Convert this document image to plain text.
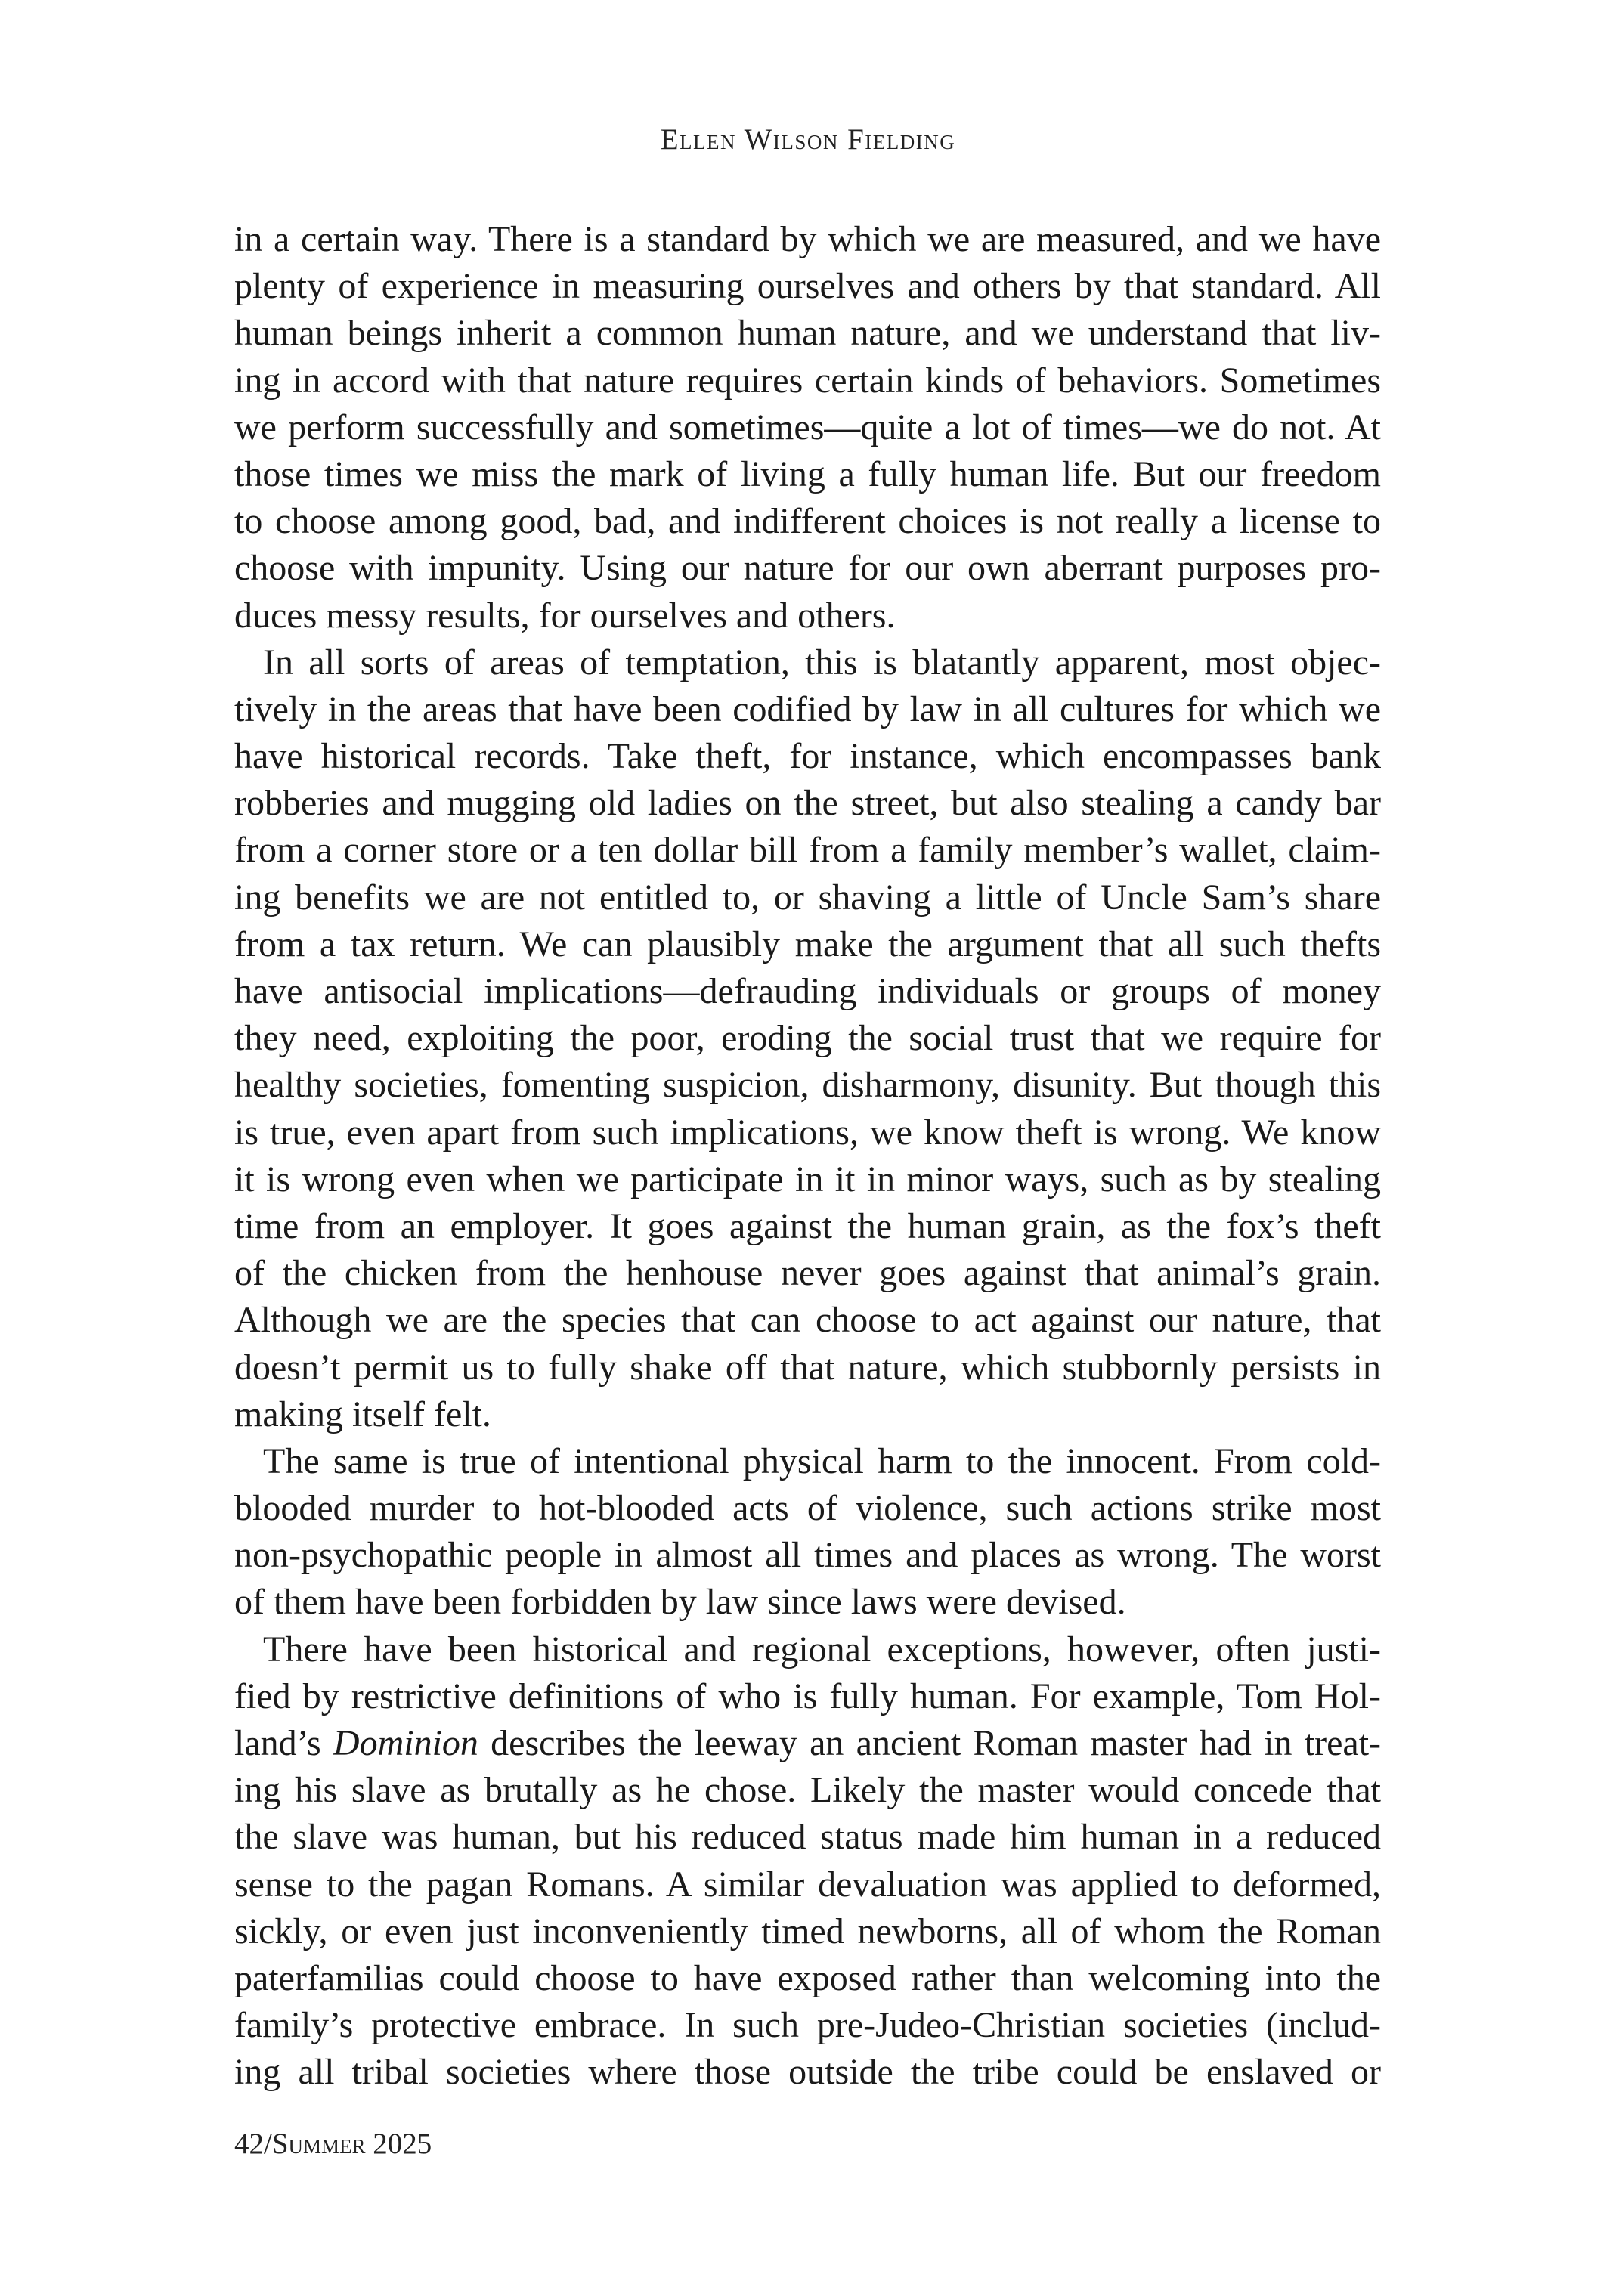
Ellen Wilson Fielding
in a certain way. There is a standard by which we are measured, and we have
plenty of experience in measuring ourselves and others by that standard. All
human beings inherit a common human nature, and we understand that liv-
ing in accord with that nature requires certain kinds of behaviors. Sometimes
we perform successfully and sometimes—quite a lot of times—we do not. At
those times we miss the mark of living a fully human life. But our freedom
to choose among good, bad, and indifferent choices is not really a license to
choose with impunity. Using our nature for our own aberrant purposes pro-
duces messy results, for ourselves and others.
In all sorts of areas of temptation, this is blatantly apparent, most objec-
tively in the areas that have been codified by law in all cultures for which we
have historical records. Take theft, for instance, which encompasses bank
robberies and mugging old ladies on the street, but also stealing a candy bar
from a corner store or a ten dollar bill from a family member’s wallet, claim-
ing benefits we are not entitled to, or shaving a little of Uncle Sam’s share
from a tax return. We can plausibly make the argument that all such thefts
have antisocial implications—defrauding individuals or groups of money
they need, exploiting the poor, eroding the social trust that we require for
healthy societies, fomenting suspicion, disharmony, disunity. But though this
is true, even apart from such implications, we know theft is wrong. We know
it is wrong even when we participate in it in minor ways, such as by stealing
time from an employer. It goes against the human grain, as the fox’s theft
of the chicken from the henhouse never goes against that animal’s grain.
Although we are the species that can choose to act against our nature, that
doesn’t permit us to fully shake off that nature, which stubbornly persists in
making itself felt.
The same is true of intentional physical harm to the innocent. From cold-
blooded murder to hot-blooded acts of violence, such actions strike most
non-psychopathic people in almost all times and places as wrong. The worst
of them have been forbidden by law since laws were devised.
There have been historical and regional exceptions, however, often justi-
fied by restrictive definitions of who is fully human. For example, Tom Hol-
land’s Dominion describes the leeway an ancient Roman master had in treat-
ing his slave as brutally as he chose. Likely the master would concede that
the slave was human, but his reduced status made him human in a reduced
sense to the pagan Romans. A similar devaluation was applied to deformed,
sickly, or even just inconveniently timed newborns, all of whom the Roman
paterfamilias could choose to have exposed rather than welcoming into the
family’s protective embrace. In such pre-Judeo-Christian societies (includ-
ing all tribal societies where those outside the tribe could be enslaved or
42/Summer 2025
